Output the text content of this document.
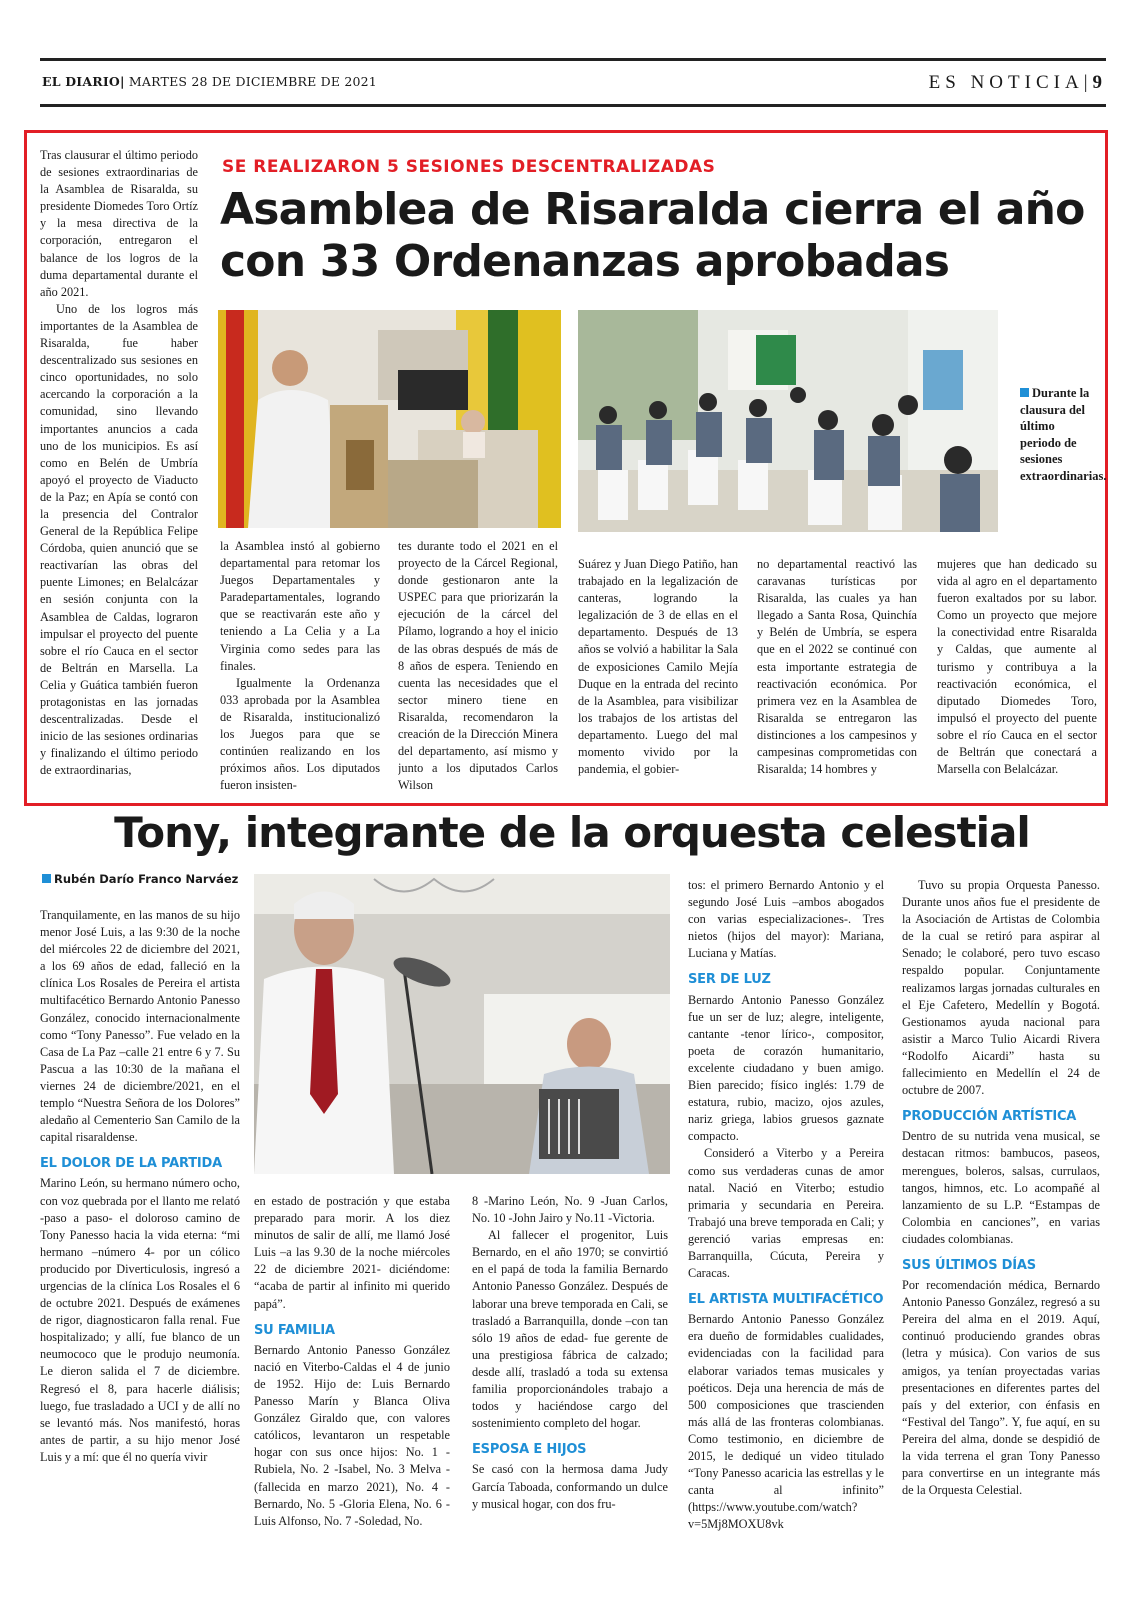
EL DIARIO| MARTES 28 DE DICIEMBRE DE 2021	ES NOTICIA|9

Tras clausurar el último periodo de sesiones extraordinarias de la Asamblea de Risaralda, su presidente Diomedes Toro Ortíz y la mesa directiva de la corporación, entregaron el balance de los logros de la duma departamental durante el año 2021.

Uno de los logros más importantes de la Asamblea de Risaralda, fue haber descentralizado sus sesiones en cinco oportunidades, no solo acercando la corporación a la comunidad, sino llevando importantes anuncios a cada uno de los municipios. Es así como en Belén de Umbría apoyó el proyecto de Viaducto de la Paz; en Apía se contó con la presencia del Contralor General de la República Felipe Córdoba, quien anunció que se reactivarían las obras del puente Limones; en Belalcázar en sesión conjunta con la Asamblea de Caldas, lograron impulsar el proyecto del puente sobre el río Cauca en el sector de Beltrán en Marsella. La Celia y Guática también fueron protagonistas en las jornadas descentralizadas. Desde el inicio de las sesiones ordinarias y finalizando el último periodo de extraordinarias,

SE REALIZARON 5 SESIONES DESCENTRALIZADAS
Asamblea de Risaralda cierra el año con 33 Ordenanzas aprobadas
Durante la clausura del último periodo de sesiones extraordinarias.

la Asamblea instó al gobierno departamental para retomar los Juegos Departamentales y Paradepartamentales, logrando que se reactivarán este año y teniendo a La Celia y a La Virginia como sedes para las finales.

Igualmente la Ordenanza 033 aprobada por la Asamblea de Risaralda, institucionalizó los Juegos para que se continúen realizando en los próximos años. Los diputados fueron insisten-

tes durante todo el 2021 en el proyecto de la Cárcel Regional, donde gestionaron ante la USPEC para que priorizarán la ejecución de la cárcel del Pílamo, logrando a hoy el inicio de las obras después de más de 8 años de espera. Teniendo en cuenta las necesidades que el sector minero tiene en Risaralda, recomendaron la creación de la Dirección Minera del departamento, así mismo y junto a los diputados Carlos Wilson

Suárez y Juan Diego Patiño, han trabajado en la legalización de canteras, logrando la legalización de 3 de ellas en el departamento. Después de 13 años se volvió a habilitar la Sala de exposiciones Camilo Mejía Duque en la entrada del recinto de la Asamblea, para visibilizar los trabajos de los artistas del departamento. Luego del mal momento vivido por la pandemia, el gobier-

no departamental reactivó las caravanas turísticas por Risaralda, las cuales ya han llegado a Santa Rosa, Quinchía y Belén de Umbría, se espera que en el 2022 se continué con esta importante estrategia de reactivación económica. Por primera vez en la Asamblea de Risaralda se entregaron las distinciones a los campesinos y campesinas comprometidas con Risaralda; 14 hombres y

mujeres que han dedicado su vida al agro en el departamento fueron exaltados por su labor. Como un proyecto que mejore la conectividad entre Risaralda y Caldas, que aumente al turismo y contribuya a la reactivación económica, el diputado Diomedes Toro, impulsó el proyecto del puente sobre el río Cauca en el sector de Beltrán que conectará a Marsella con Belalcázar.

Tony, integrante de la orquesta celestial
Rubén Darío Franco Narváez

Tranquilamente, en las manos de su hijo menor José Luis, a las 9:30 de la noche del miércoles 22 de diciembre del 2021, a los 69 años de edad, falleció en la clínica Los Rosales de Pereira el artista multifacético Bernardo Antonio Panesso González, conocido internacionalmente como “Tony Panesso”. Fue velado en la Casa de La Paz –calle 21 entre 6 y 7. Su Pascua a las 10:30 de la mañana el viernes 24 de diciembre/2021, en el templo “Nuestra Señora de los Dolores” aledaño al Cementerio San Camilo de la capital risaraldense.

EL DOLOR DE LA PARTIDA

Marino León, su hermano número ocho, con voz quebrada por el llanto me relató -paso a paso- el doloroso camino de Tony Panesso hacia la vida eterna: “mi hermano –número 4- por un cólico producido por Diverticulosis, ingresó a urgencias de la clínica Los Rosales el 6 de octubre 2021. Después de exámenes de rigor, diagnosticaron falla renal. Fue hospitalizado; y allí, fue blanco de un neumococo que le produjo neumonía. Le dieron salida el 7 de diciembre. Regresó el 8, para hacerle diálisis; luego, fue trasladado a UCI y de allí no se levantó más. Nos manifestó, horas antes de partir, a su hijo menor José Luis y a mí: que él no quería vivir

en estado de postración y que estaba preparado para morir. A los diez minutos de salir de allí, me llamó José Luis –a las 9.30 de la noche miércoles 22 de diciembre 2021- diciéndome: “acaba de partir al infinito mi querido papá”.

SU FAMILIA

Bernardo Antonio Panesso González nació en Viterbo-Caldas el 4 de junio de 1952. Hijo de: Luis Bernardo Panesso Marín y Blanca Oliva González Giraldo que, con valores católicos, levantaron un respetable hogar con sus once hijos: No. 1 -Rubiela, No. 2 -Isabel, No. 3 Melva -(fallecida en marzo 2021), No. 4 -Bernardo, No. 5 -Gloria Elena, No. 6 -Luis Alfonso, No. 7 -Soledad, No.

8 -Marino León, No. 9 -Juan Carlos, No. 10 -John Jairo y No.11 -Victoria.

Al fallecer el progenitor, Luis Bernardo, en el año 1970; se convirtió en el papá de toda la familia Bernardo Antonio Panesso González. Después de laborar una breve temporada en Cali, se trasladó a Barranquilla, donde –con tan sólo 19 años de edad- fue gerente de una prestigiosa fábrica de calzado; desde allí, trasladó a toda su extensa familia proporcionándoles trabajo a todos y haciéndose cargo del sostenimiento completo del hogar.

ESPOSA E HIJOS

Se casó con la hermosa dama Judy García Taboada, conformando un dulce y musical hogar, con dos fru-

tos: el primero Bernardo Antonio y el segundo José Luis –ambos abogados con varias especializaciones-. Tres nietos (hijos del mayor): Mariana, Luciana y Matías.

SER DE LUZ

Bernardo Antonio Panesso González fue un ser de luz; alegre, inteligente, cantante -tenor lírico-, compositor, poeta de corazón humanitario, excelente ciudadano y buen amigo. Bien parecido; físico inglés: 1.79 de estatura, rubio, macizo, ojos azules, nariz griega, labios gruesos gaznate compacto.

Consideró a Viterbo y a Pereira como sus verdaderas cunas de amor natal. Nació en Viterbo; estudio primaria y secundaria en Pereira. Trabajó una breve temporada en Cali; y gerenció varias empresas en: Barranquilla, Cúcuta, Pereira y Caracas.

EL ARTISTA MULTIFACÉTICO

Bernardo Antonio Panesso González era dueño de formidables cualidades, evidenciadas con la facilidad para elaborar variados temas musicales y poéticos. Deja una herencia de más de 500 composiciones que trascienden más allá de las fronteras colombianas. Como testimonio, en diciembre de 2015, le dediqué un video titulado “Tony Panesso acaricia las estrellas y le canta al infinito” (https://www.youtube.com/watch?v=5Mj8MOXU8vk

Tuvo su propia Orquesta Panesso. Durante unos años fue el presidente de la Asociación de Artistas de Colombia de la cual se retiró para aspirar al Senado; le colaboré, pero tuvo escaso respaldo popular. Conjuntamente realizamos largas jornadas culturales en el Eje Cafetero, Medellín y Bogotá. Gestionamos ayuda nacional para asistir a Marco Tulio Aicardi Rivera “Rodolfo Aicardi” hasta su fallecimiento en Medellín el 24 de octubre de 2007.

PRODUCCIÓN ARTÍSTICA

Dentro de su nutrida vena musical, se destacan ritmos: bambucos, paseos, merengues, boleros, salsas, currulaos, tangos, himnos, etc. Lo acompañé al lanzamiento de su L.P. “Estampas de Colombia en canciones”, en varias ciudades colombianas.

SUS ÚLTIMOS DÍAS

Por recomendación médica, Bernardo Antonio Panesso González, regresó a su Pereira del alma en el 2019. Aquí, continuó produciendo grandes obras (letra y música). Con varios de sus amigos, ya tenían proyectadas varias presentaciones en diferentes partes del país y del exterior, con énfasis en “Festival del Tango”. Y, fue aquí, en su Pereira del alma, donde se despidió de la vida terrena el gran Tony Panesso para convertirse en un integrante más de la Orquesta Celestial.
